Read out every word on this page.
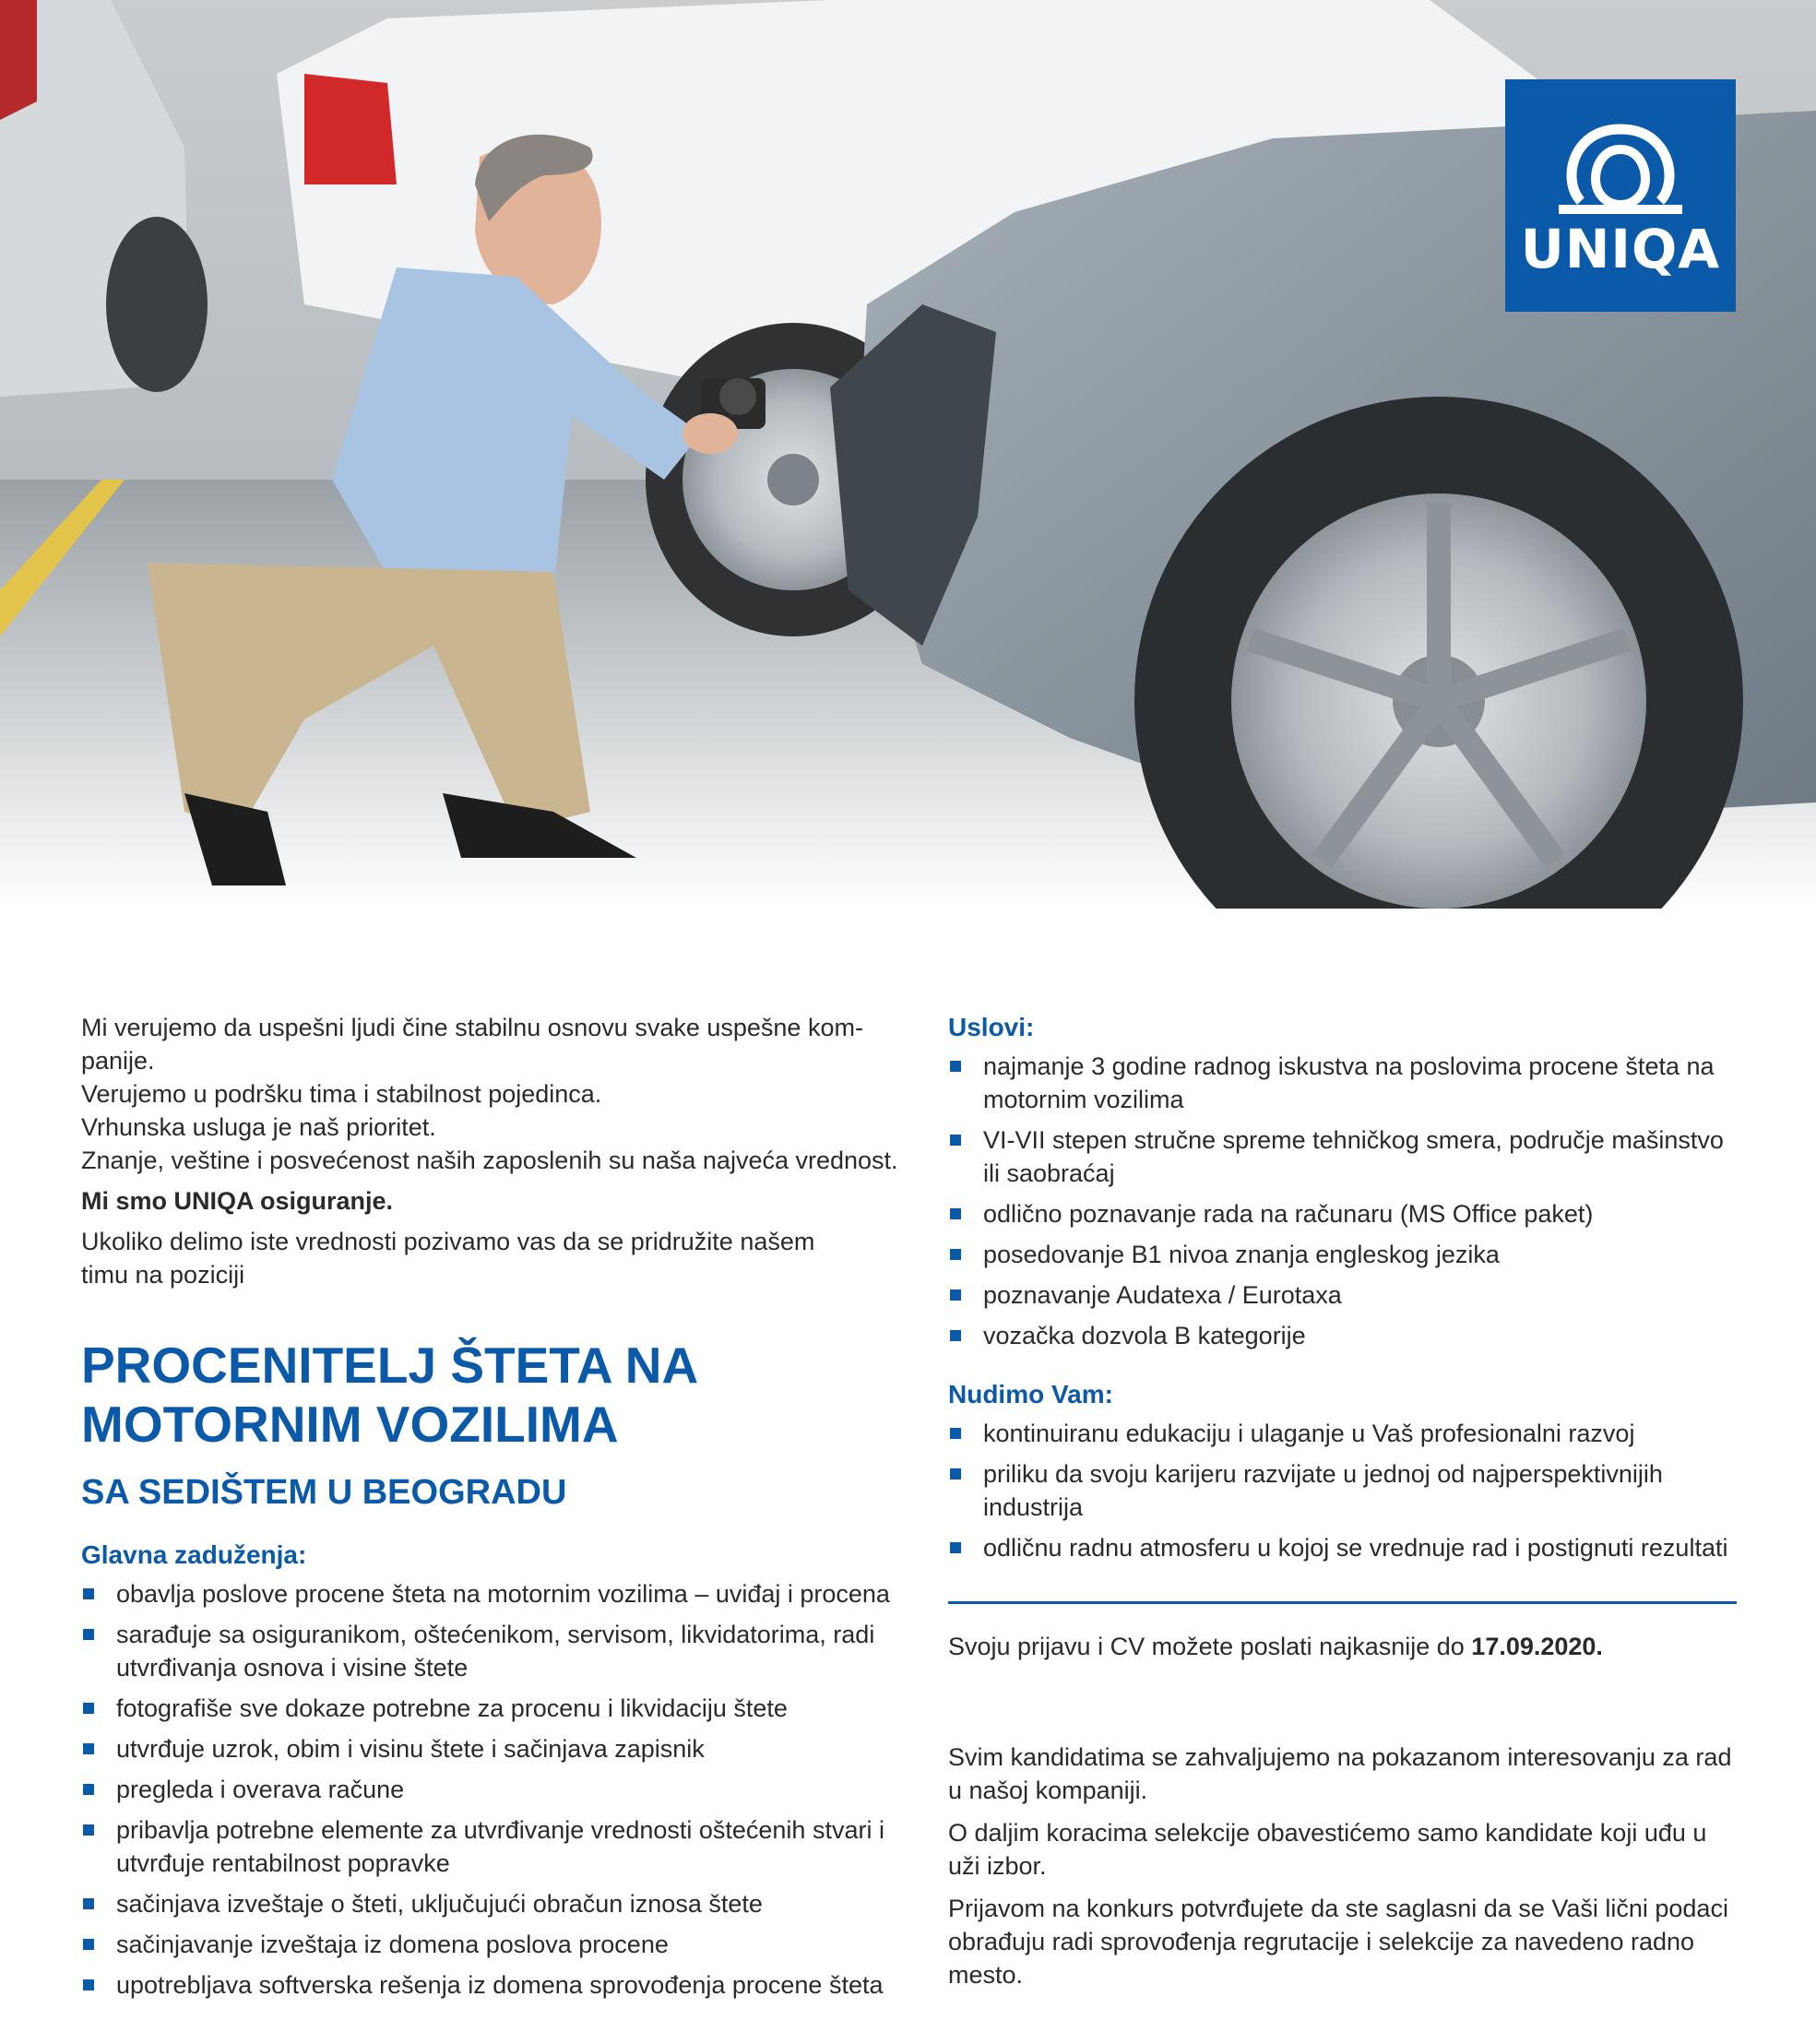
UNIQA

Mi verujemo da uspešni ljudi čine stabilnu osnovu svake uspešne kom-

panije.

Verujemo u podršku tima i stabilnost pojedinca.

Vrhunska usluga je naš prioritet.

Znanje, veštine i posvećenost naših zaposlenih su naša najveća vrednost.

Mi smo UNIQA osiguranje.

Ukoliko delimo iste vrednosti pozivamo vas da se pridružite našem

timu na poziciji

PROCENITELJ ŠTETA NA
MOTORNIM VOZILIMA
SA SEDIŠTEM U BEOGRADU
Glavna zaduženja:
obavlja poslove procene šteta na motornim vozilima – uviđaj i procena
sarađuje sa osiguranikom, oštećenikom, servisom, likvidatorima, radi utvrđivanja osnova i visine štete
fotografiše sve dokaze potrebne za procenu i likvidaciju štete
utvrđuje uzrok, obim i visinu štete i sačinjava zapisnik
pregleda i overava račune
pribavlja potrebne elemente za utvrđivanje vrednosti oštećenih stvari i utvrđuje rentabilnost popravke
sačinjava izveštaje o šteti, uključujući obračun iznosa štete
sačinjavanje izveštaja iz domena poslova procene
upotrebljava softverska rešenja iz domena sprovođenja procene šteta
Uslovi:
najmanje 3 godine radnog iskustva na poslovima procene šteta na motornim vozilima
VI-VII stepen stručne spreme tehničkog smera, područje mašinstvo ili saobraćaj
odlično poznavanje rada na računaru (MS Office paket)
posedovanje B1 nivoa znanja engleskog jezika
poznavanje Audatexa / Eurotaxa
vozačka dozvola B kategorije
Nudimo Vam:
kontinuiranu edukaciju i ulaganje u Vaš profesionalni razvoj
priliku da svoju karijeru razvijate u jednoj od najperspektivnijih industrija
odličnu radnu atmosferu u kojoj se vrednuje rad i postignuti rezultati

Svoju prijavu i CV možete poslati najkasnije do 17.09.2020.

Svim kandidatima se zahvaljujemo na pokazanom interesovanju za rad u našoj kompaniji.

O daljim koracima selekcije obavestićemo samo kandidate koji uđu u uži izbor.

Prijavom na konkurs potvrđujete da ste saglasni da se Vaši lični podaci obrađuju radi sprovođenja regrutacije i selekcije za navedeno radno mesto.
